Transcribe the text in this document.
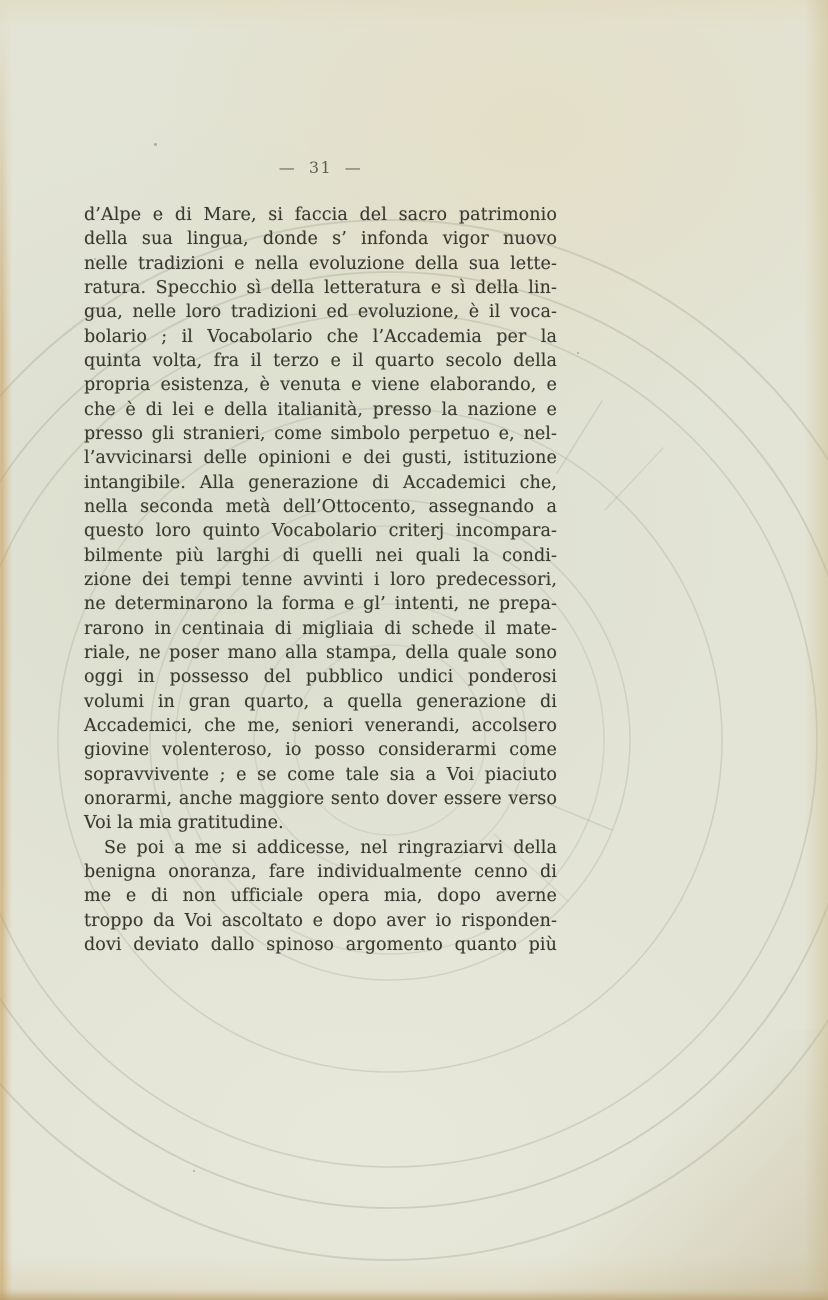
— 31 —
d’Alpe e di Mare, si faccia del sacro patrimonio
della sua lingua, donde s’ infonda vigor nuovo
nelle tradizioni e nella evoluzione della sua lette-
ratura. Specchio sì della letteratura e sì della lin-
gua, nelle loro tradizioni ed evoluzione, è il voca-
bolario ; il Vocabolario che l’Accademia per la
quinta volta, fra il terzo e il quarto secolo della
propria esistenza, è venuta e viene elaborando, e
che è di lei e della italianità, presso la nazione e
presso gli stranieri, come simbolo perpetuo e, nel-
l’avvicinarsi delle opinioni e dei gusti, istituzione
intangibile. Alla generazione di Accademici che,
nella seconda metà dell’Ottocento, assegnando a
questo loro quinto Vocabolario criterj incompara-
bilmente più larghi di quelli nei quali la condi-
zione dei tempi tenne avvinti i loro predecessori,
ne determinarono la forma e gl’ intenti, ne prepa-
rarono in centinaia di migliaia di schede il mate-
riale, ne poser mano alla stampa, della quale sono
oggi in possesso del pubblico undici ponderosi
volumi in gran quarto, a quella generazione di
Accademici, che me, seniori venerandi, accolsero
giovine volenteroso, io posso considerarmi come
sopravvivente ; e se come tale sia a Voi piaciuto
onorarmi, anche maggiore sento dover essere verso
Voi la mia gratitudine.
Se poi a me si addicesse, nel ringraziarvi della
benigna onoranza, fare individualmente cenno di
me e di non ufficiale opera mia, dopo averne
troppo da Voi ascoltato e dopo aver io risponden-
dovi deviato dallo spinoso argomento quanto più
